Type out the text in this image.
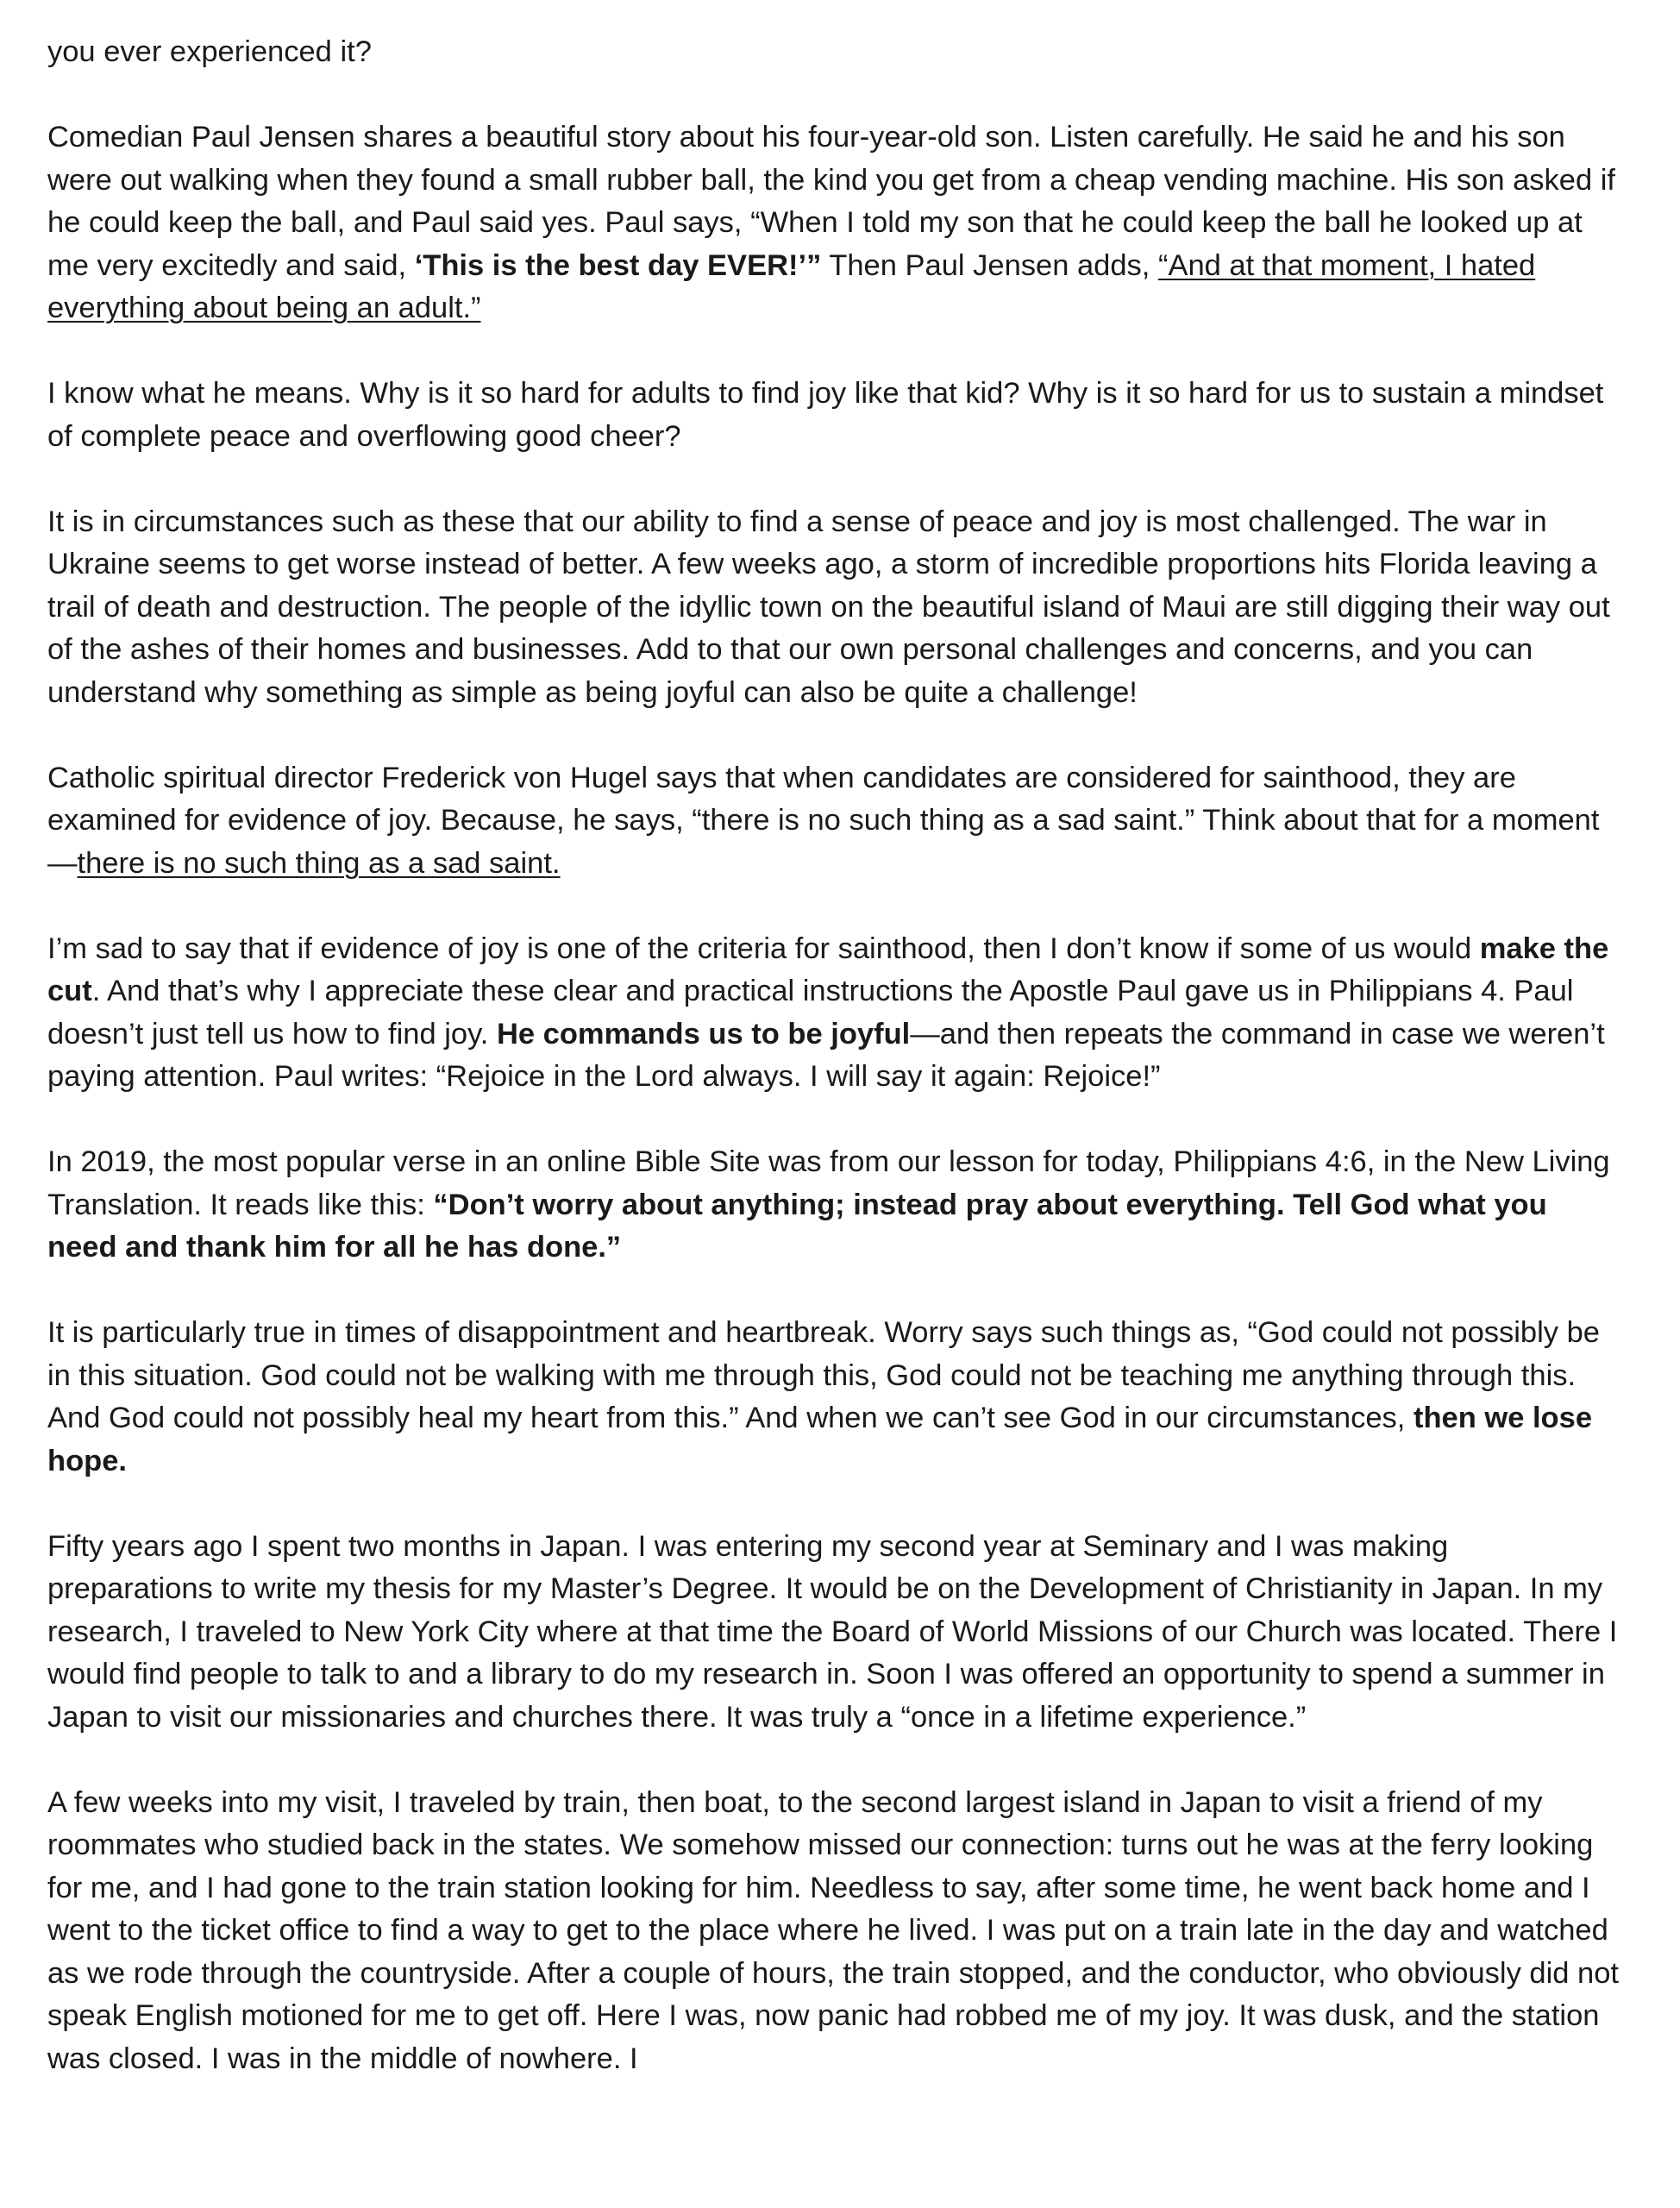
you ever experienced it?

Comedian Paul Jensen shares a beautiful story about his four-year-old son. Listen carefully. He said he and his son were out walking when they found a small rubber ball, the kind you get from a cheap vending machine. His son asked if he could keep the ball, and Paul said yes. Paul says, “When I told my son that he could keep the ball he looked up at me very excitedly and said, ‘This is the best day EVER!’” Then Paul Jensen adds, “And at that moment, I hated everything about being an adult.”

I know what he means. Why is it so hard for adults to find joy like that kid? Why is it so hard for us to sustain a mindset of complete peace and overflowing good cheer?

It is in circumstances such as these that our ability to find a sense of peace and joy is most challenged. The war in Ukraine seems to get worse instead of better. A few weeks ago, a storm of incredible proportions hits Florida leaving a trail of death and destruction. The people of the idyllic town on the beautiful island of Maui are still digging their way out of the ashes of their homes and businesses. Add to that our own personal challenges and concerns, and you can understand why something as simple as being joyful can also be quite a challenge!

Catholic spiritual director Frederick von Hugel says that when candidates are considered for sainthood, they are examined for evidence of joy. Because, he says, “there is no such thing as a sad saint.” Think about that for a moment—there is no such thing as a sad saint.

I’m sad to say that if evidence of joy is one of the criteria for sainthood, then I don’t know if some of us would make the cut. And that’s why I appreciate these clear and practical instructions the Apostle Paul gave us in Philippians 4. Paul doesn’t just tell us how to find joy. He commands us to be joyful—and then repeats the command in case we weren’t paying attention. Paul writes: “Rejoice in the Lord always. I will say it again: Rejoice!”

In 2019, the most popular verse in an online Bible Site was from our lesson for today, Philippians 4:6, in the New Living Translation. It reads like this: “Don’t worry about anything; instead pray about everything. Tell God what you need and thank him for all he has done.”

It is particularly true in times of disappointment and heartbreak. Worry says such things as, “God could not possibly be in this situation. God could not be walking with me through this, God could not be teaching me anything through this. And God could not possibly heal my heart from this.” And when we can’t see God in our circumstances, then we lose hope.

Fifty years ago I spent two months in Japan. I was entering my second year at Seminary and I was making preparations to write my thesis for my Master’s Degree. It would be on the Development of Christianity in Japan. In my research, I traveled to New York City where at that time the Board of World Missions of our Church was located. There I would find people to talk to and a library to do my research in. Soon I was offered an opportunity to spend a summer in Japan to visit our missionaries and churches there. It was truly a “once in a lifetime experience.”

A few weeks into my visit, I traveled by train, then boat, to the second largest island in Japan to visit a friend of my roommates who studied back in the states. We somehow missed our connection: turns out he was at the ferry looking for me, and I had gone to the train station looking for him. Needless to say, after some time, he went back home and I went to the ticket office to find a way to get to the place where he lived. I was put on a train late in the day and watched as we rode through the countryside. After a couple of hours, the train stopped, and the conductor, who obviously did not speak English motioned for me to get off. Here I was, now panic had robbed me of my joy. It was dusk, and the station was closed. I was in the middle of nowhere. I
